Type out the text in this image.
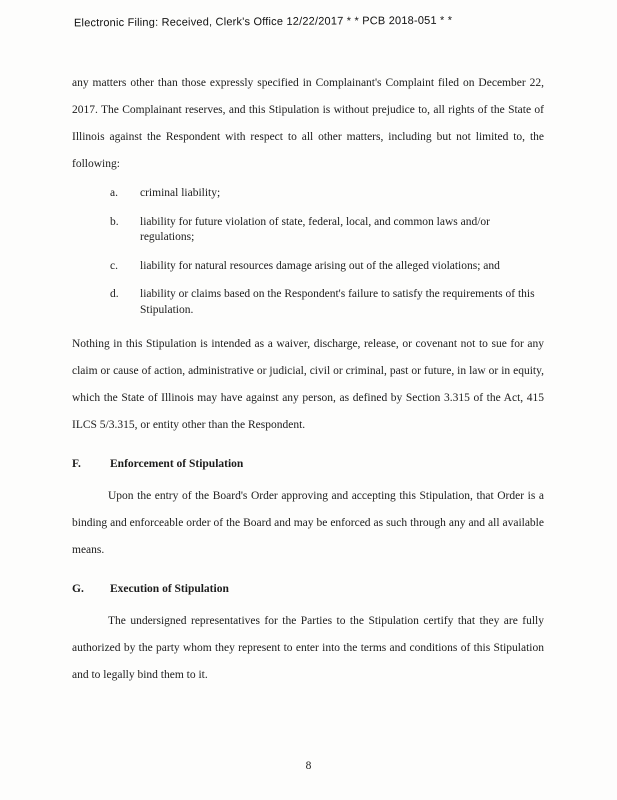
Electronic Filing: Received, Clerk's Office 12/22/2017 * * PCB 2018-051 * *

any matters other than those expressly specified in Complainant's Complaint filed on December 22, 2017. The Complainant reserves, and this Stipulation is without prejudice to, all rights of the State of Illinois against the Respondent with respect to all other matters, including but not limited to, the following:

a.	criminal liability;
b.	liability for future violation of state, federal, local, and common laws and/or regulations;
c.	liability for natural resources damage arising out of the alleged violations; and
d.	liability or claims based on the Respondent's failure to satisfy the requirements of this Stipulation.

Nothing in this Stipulation is intended as a waiver, discharge, release, or covenant not to sue for any claim or cause of action, administrative or judicial, civil or criminal, past or future, in law or in equity, which the State of Illinois may have against any person, as defined by Section 3.315 of the Act, 415 ILCS 5/3.315, or entity other than the Respondent.

F.	Enforcement of Stipulation

Upon the entry of the Board's Order approving and accepting this Stipulation, that Order is a binding and enforceable order of the Board and may be enforced as such through any and all available means.

G.	Execution of Stipulation

The undersigned representatives for the Parties to the Stipulation certify that they are fully authorized by the party whom they represent to enter into the terms and conditions of this Stipulation and to legally bind them to it.

8
